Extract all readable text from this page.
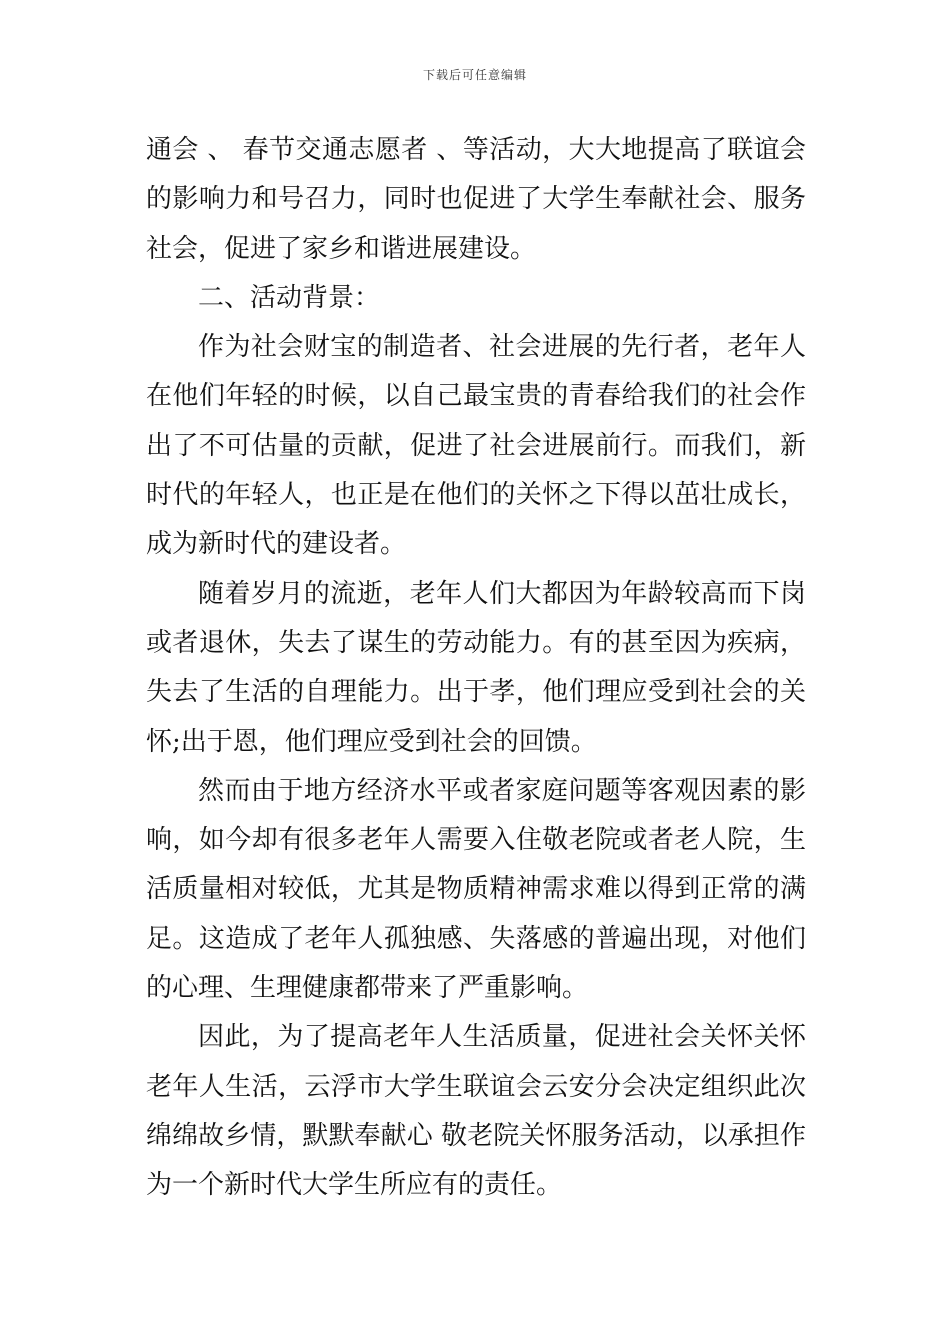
下载后可任意编辑

通会 、 春节交通志愿者 、等活动，大大地提高了联谊会的影响力和号召力，同时也促进了大学生奉献社会、服务社会，促进了家乡和谐进展建设。

二、活动背景：

作为社会财宝的制造者、社会进展的先行者，老年人在他们年轻的时候，以自己最宝贵的青春给我们的社会作出了不可估量的贡献，促进了社会进展前行。而我们，新时代的年轻人，也正是在他们的关怀之下得以茁壮成长，成为新时代的建设者。

随着岁月的流逝，老年人们大都因为年龄较高而下岗或者退休，失去了谋生的劳动能力。有的甚至因为疾病，失去了生活的自理能力。出于孝，他们理应受到社会的关怀;出于恩，他们理应受到社会的回馈。

然而由于地方经济水平或者家庭问题等客观因素的影响，如今却有很多老年人需要入住敬老院或者老人院，生活质量相对较低，尤其是物质精神需求难以得到正常的满足。这造成了老年人孤独感、失落感的普遍出现，对他们的心理、生理健康都带来了严重影响。

因此，为了提高老年人生活质量，促进社会关怀关怀老年人生活，云浮市大学生联谊会云安分会决定组织此次绵绵故乡情，默默奉献心 敬老院关怀服务活动，以承担作为一个新时代大学生所应有的责任。
